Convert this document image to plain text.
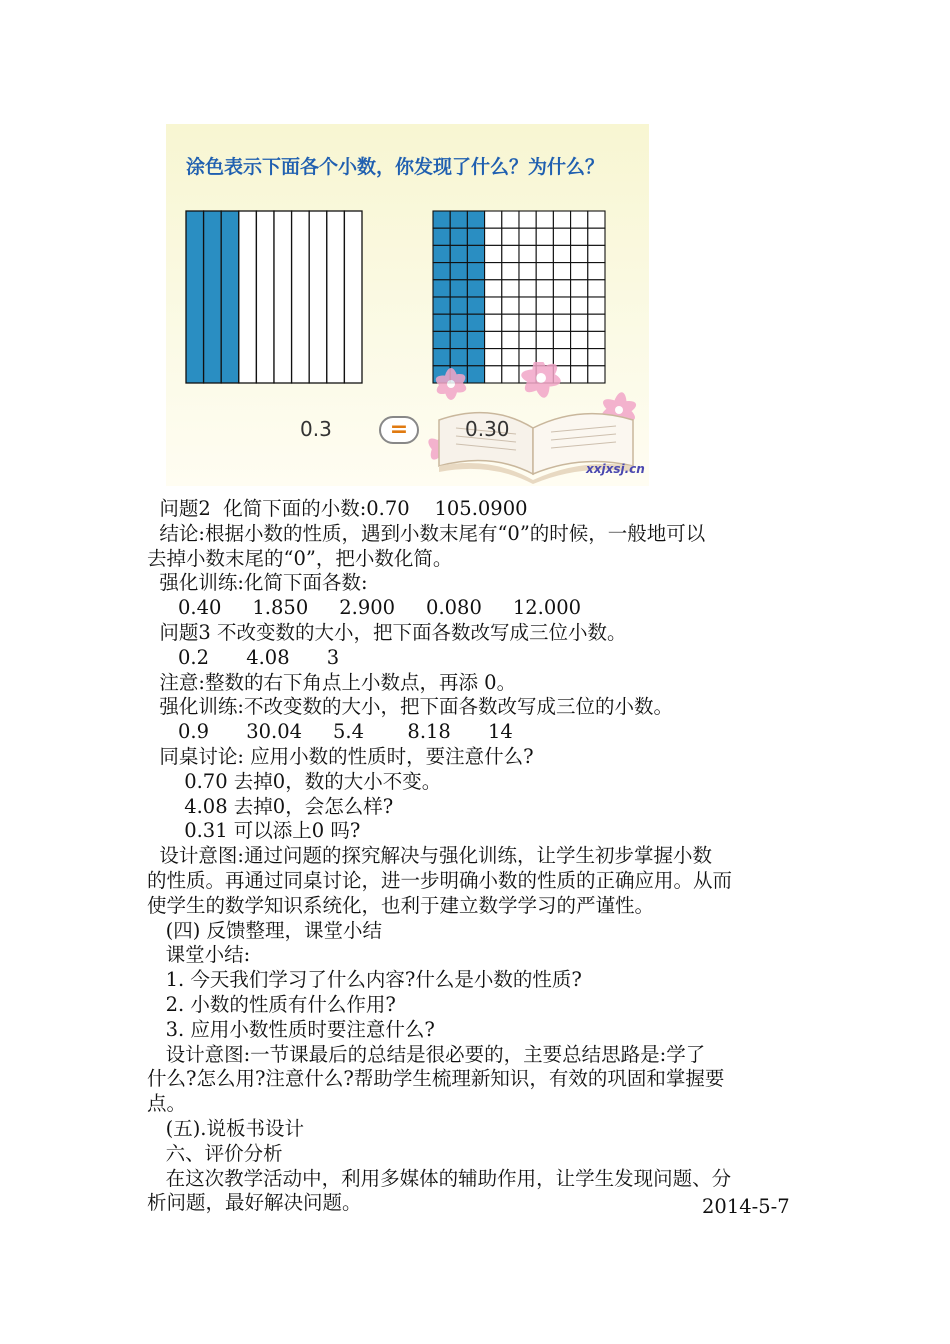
涂色表示下面各个小数，你发现了什么？为什么？
0.3	=	0.30
xxjxsj.cn
问题2  化简下面的小数:0.70    105.0900
结论:根据小数的性质，遇到小数末尾有“0”的时候，一般地可以
去掉小数末尾的“0”，把小数化简。
强化训练:化简下面各数:
0.40     1.850     2.900     0.080     12.000
问题3 不改变数的大小，把下面各数改写成三位小数。
0.2      4.08      3
注意:整数的右下角点上小数点，再添 0。
强化训练:不改变数的大小，把下面各数改写成三位的小数。
0.9      30.04     5.4       8.18      14
同桌讨论: 应用小数的性质时，要注意什么?
0.70 去掉0，数的大小不变。
4.08 去掉0，会怎么样?
0.31 可以添上0 吗?
设计意图:通过问题的探究解决与强化训练，让学生初步掌握小数
的性质。再通过同桌讨论，进一步明确小数的性质的正确应用。从而
使学生的数学知识系统化，也利于建立数学学习的严谨性。
(四) 反馈整理，课堂小结
课堂小结:
1. 今天我们学习了什么内容?什么是小数的性质?
2. 小数的性质有什么作用?
3. 应用小数性质时要注意什么?
设计意图:一节课最后的总结是很必要的，主要总结思路是:学了
什么?怎么用?注意什么?帮助学生梳理新知识，有效的巩固和掌握要
点。
(五).说板书设计
六、评价分析
在这次教学活动中，利用多媒体的辅助作用，让学生发现问题、分
析问题，最好解决问题。	2014-5-7
